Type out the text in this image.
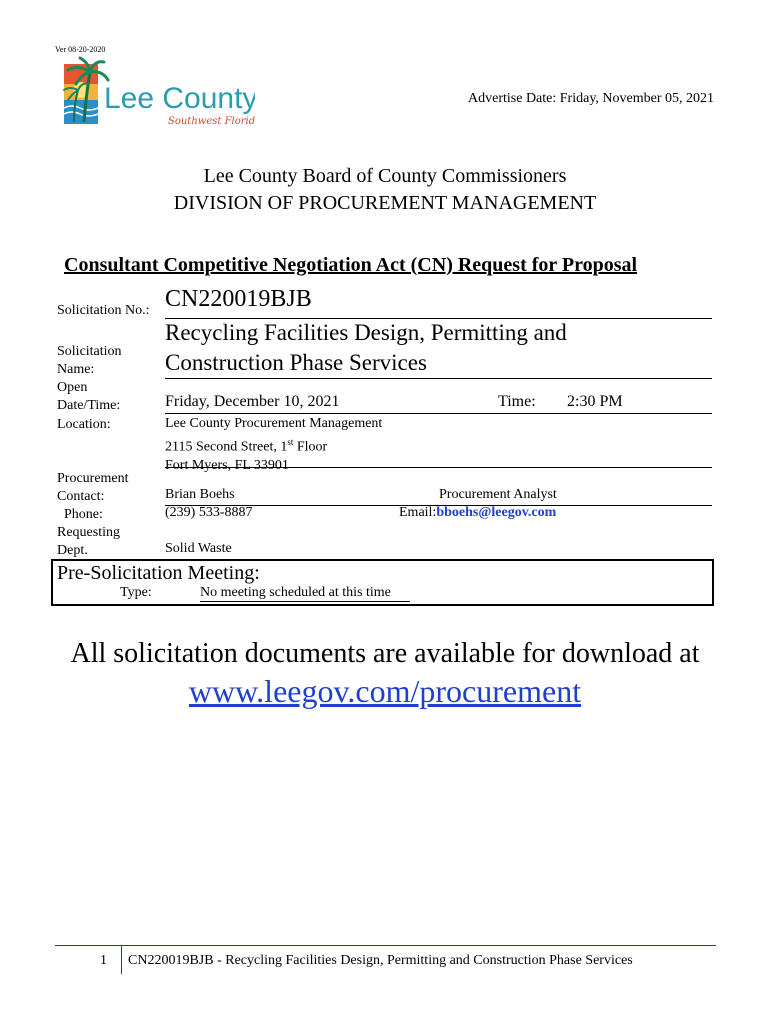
Ver 08-20-2020
Lee County
Southwest Florida
Advertise Date: Friday, November 05, 2021
Lee County Board of County Commissioners
DIVISION OF PROCUREMENT MANAGEMENT
Consultant Competitive Negotiation Act (CN) Request for Proposal
Solicitation No.: CN220019BJB
Solicitation
Name:
Recycling Facilities Design, Permitting and
Construction Phase Services
Open
Date/Time:	Friday, December 10, 2021	Time: 2:30 PM
Location:	Lee County Procurement Management
2115 Second Street, 1st Floor
Fort Myers, FL 33901
Procurement
Contact:	Brian Boehs	Procurement Analyst
Phone:	(239) 533-8887	Email:bboehs@leegov.com
Requesting
Dept.	Solid Waste
Pre-Solicitation Meeting:
Type:	No meeting scheduled at this time
All solicitation documents are available for download at
www.leegov.com/procurement
1 CN220019BJB - Recycling Facilities Design, Permitting and Construction Phase Services
